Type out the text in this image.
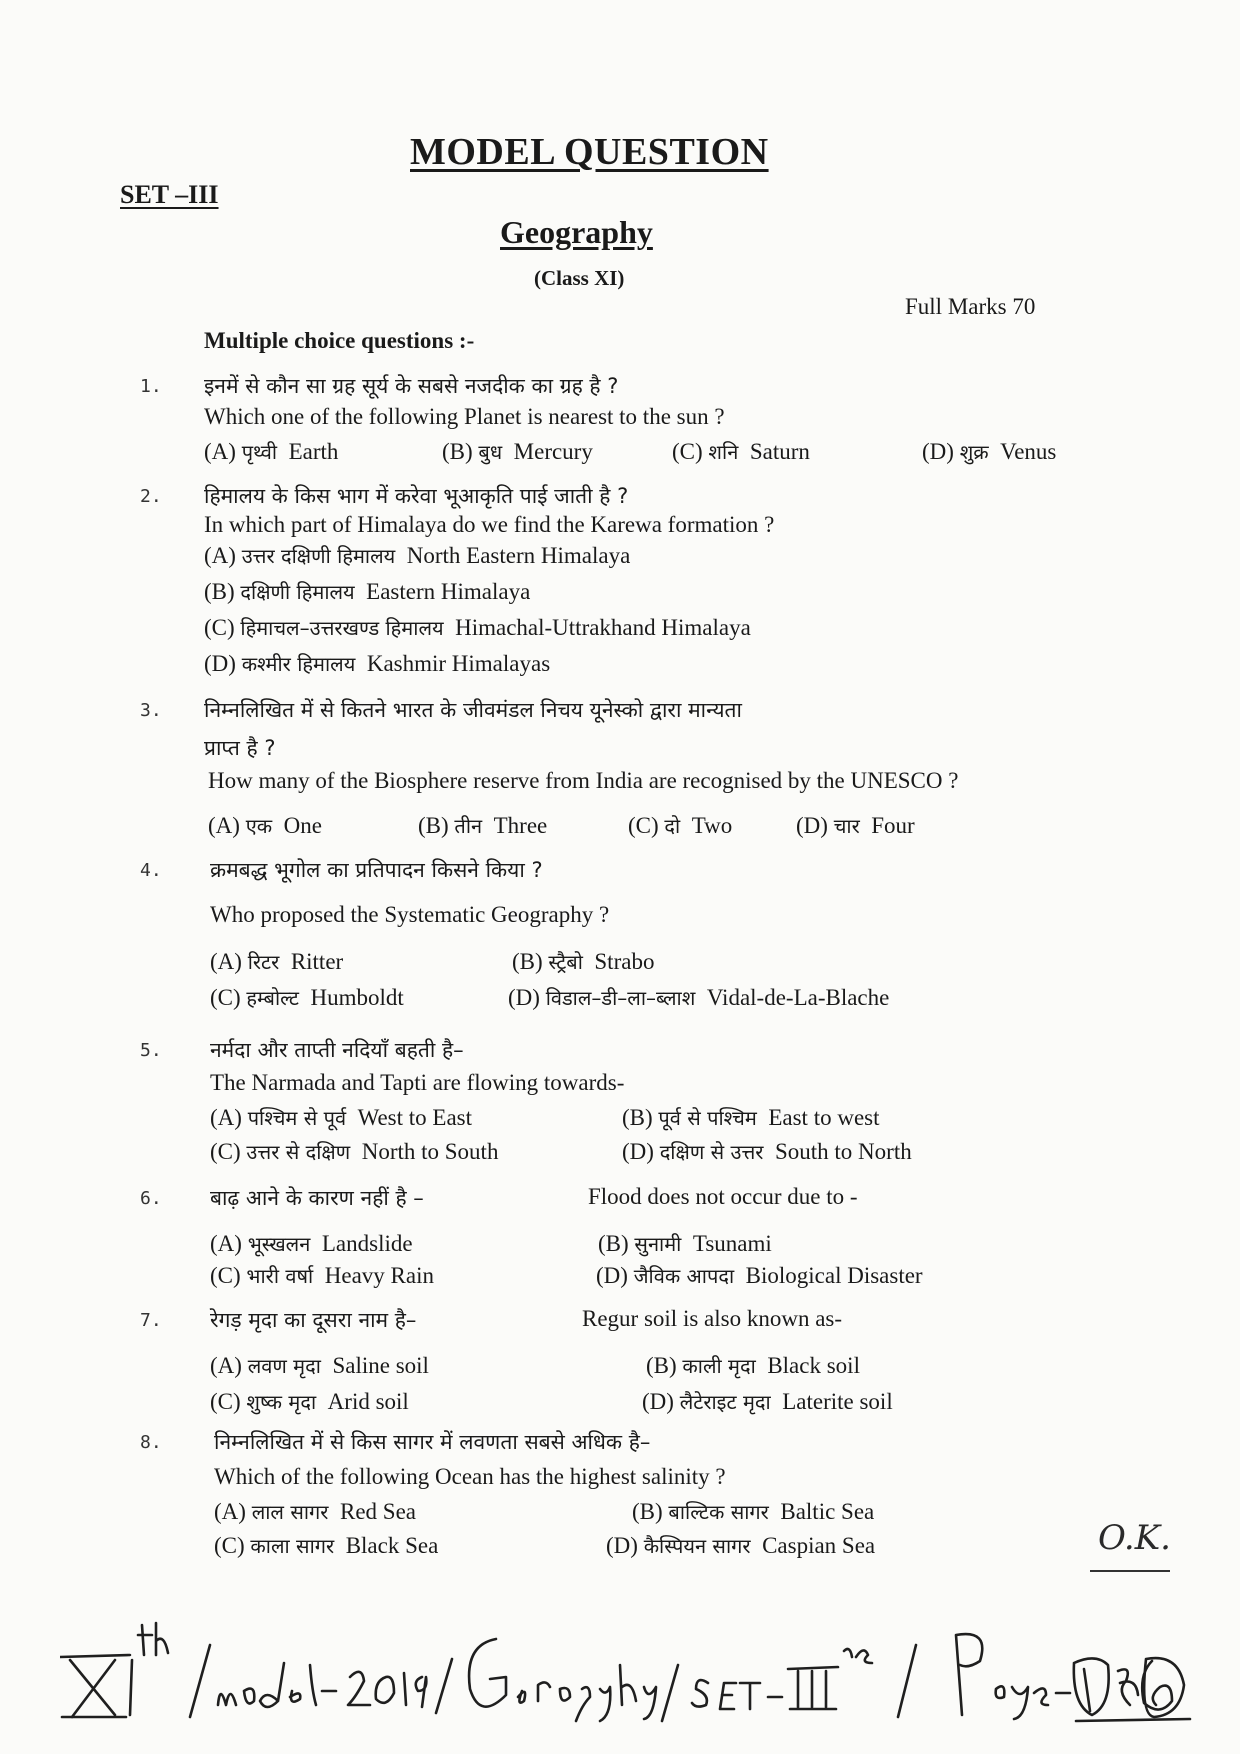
MODEL QUESTION
SET –III
Geography
(Class XI)
Full Marks 70
Multiple choice questions :-
1. इनमें से कौन सा ग्रह सूर्य के सबसे नजदीक का ग्रह है ?
Which one of the following Planet is nearest to the sun ?
(A) पृथ्वी Earth	(B) बुध Mercury	(C) शनि Saturn	(D) शुक्र Venus
2. हिमालय के किस भाग में करेवा भूआकृति पाई जाती है ?
In which part of Himalaya do we find the Karewa formation ?
(A) उत्तर दक्षिणी हिमालय North Eastern Himalaya
(B) दक्षिणी हिमालय Eastern Himalaya
(C) हिमाचल–उत्तरखण्ड हिमालय Himachal-Uttrakhand Himalaya
(D) कश्मीर हिमालय Kashmir Himalayas
3. निम्नलिखित में से कितने भारत के जीवमंडल निचय यूनेस्को द्वारा मान्यता
प्राप्त है ?
How many of the Biosphere reserve from India are recognised by the UNESCO ?
(A) एक One	(B) तीन Three	(C) दो Two	(D) चार Four
4. क्रमबद्ध भूगोल का प्रतिपादन किसने किया ?
Who proposed the Systematic Geography ?
(A) रिटर Ritter	(B) स्ट्रैबो Strabo
(C) हम्बोल्ट Humboldt	(D) विडाल–डी–ला–ब्लाश Vidal-de-La-Blache
5. नर्मदा और ताप्ती नदियाँ बहती है–
The Narmada and Tapti are flowing towards-
(A) पश्चिम से पूर्व West to East	(B) पूर्व से पश्चिम East to west
(C) उत्तर से दक्षिण North to South	(D) दक्षिण से उत्तर South to North
6. बाढ़ आने के कारण नहीं है –	Flood does not occur due to -
(A) भूस्खलन Landslide	(B) सुनामी Tsunami
(C) भारी वर्षा Heavy Rain	(D) जैविक आपदा Biological Disaster
7. रेगड़ मृदा का दूसरा नाम है–	Regur soil is also known as-
(A) लवण मृदा Saline soil	(B) काली मृदा Black soil
(C) शुष्क मृदा Arid soil	(D) लैटेराइट मृदा Laterite soil
8. निम्नलिखित में से किस सागर में लवणता सबसे अधिक है–
Which of the following Ocean has the highest salinity ?
(A) लाल सागर Red Sea	(B) बाल्टिक सागर Baltic Sea
(C) काला सागर Black Sea	(D) कैस्पियन सागर Caspian Sea	O.K.
